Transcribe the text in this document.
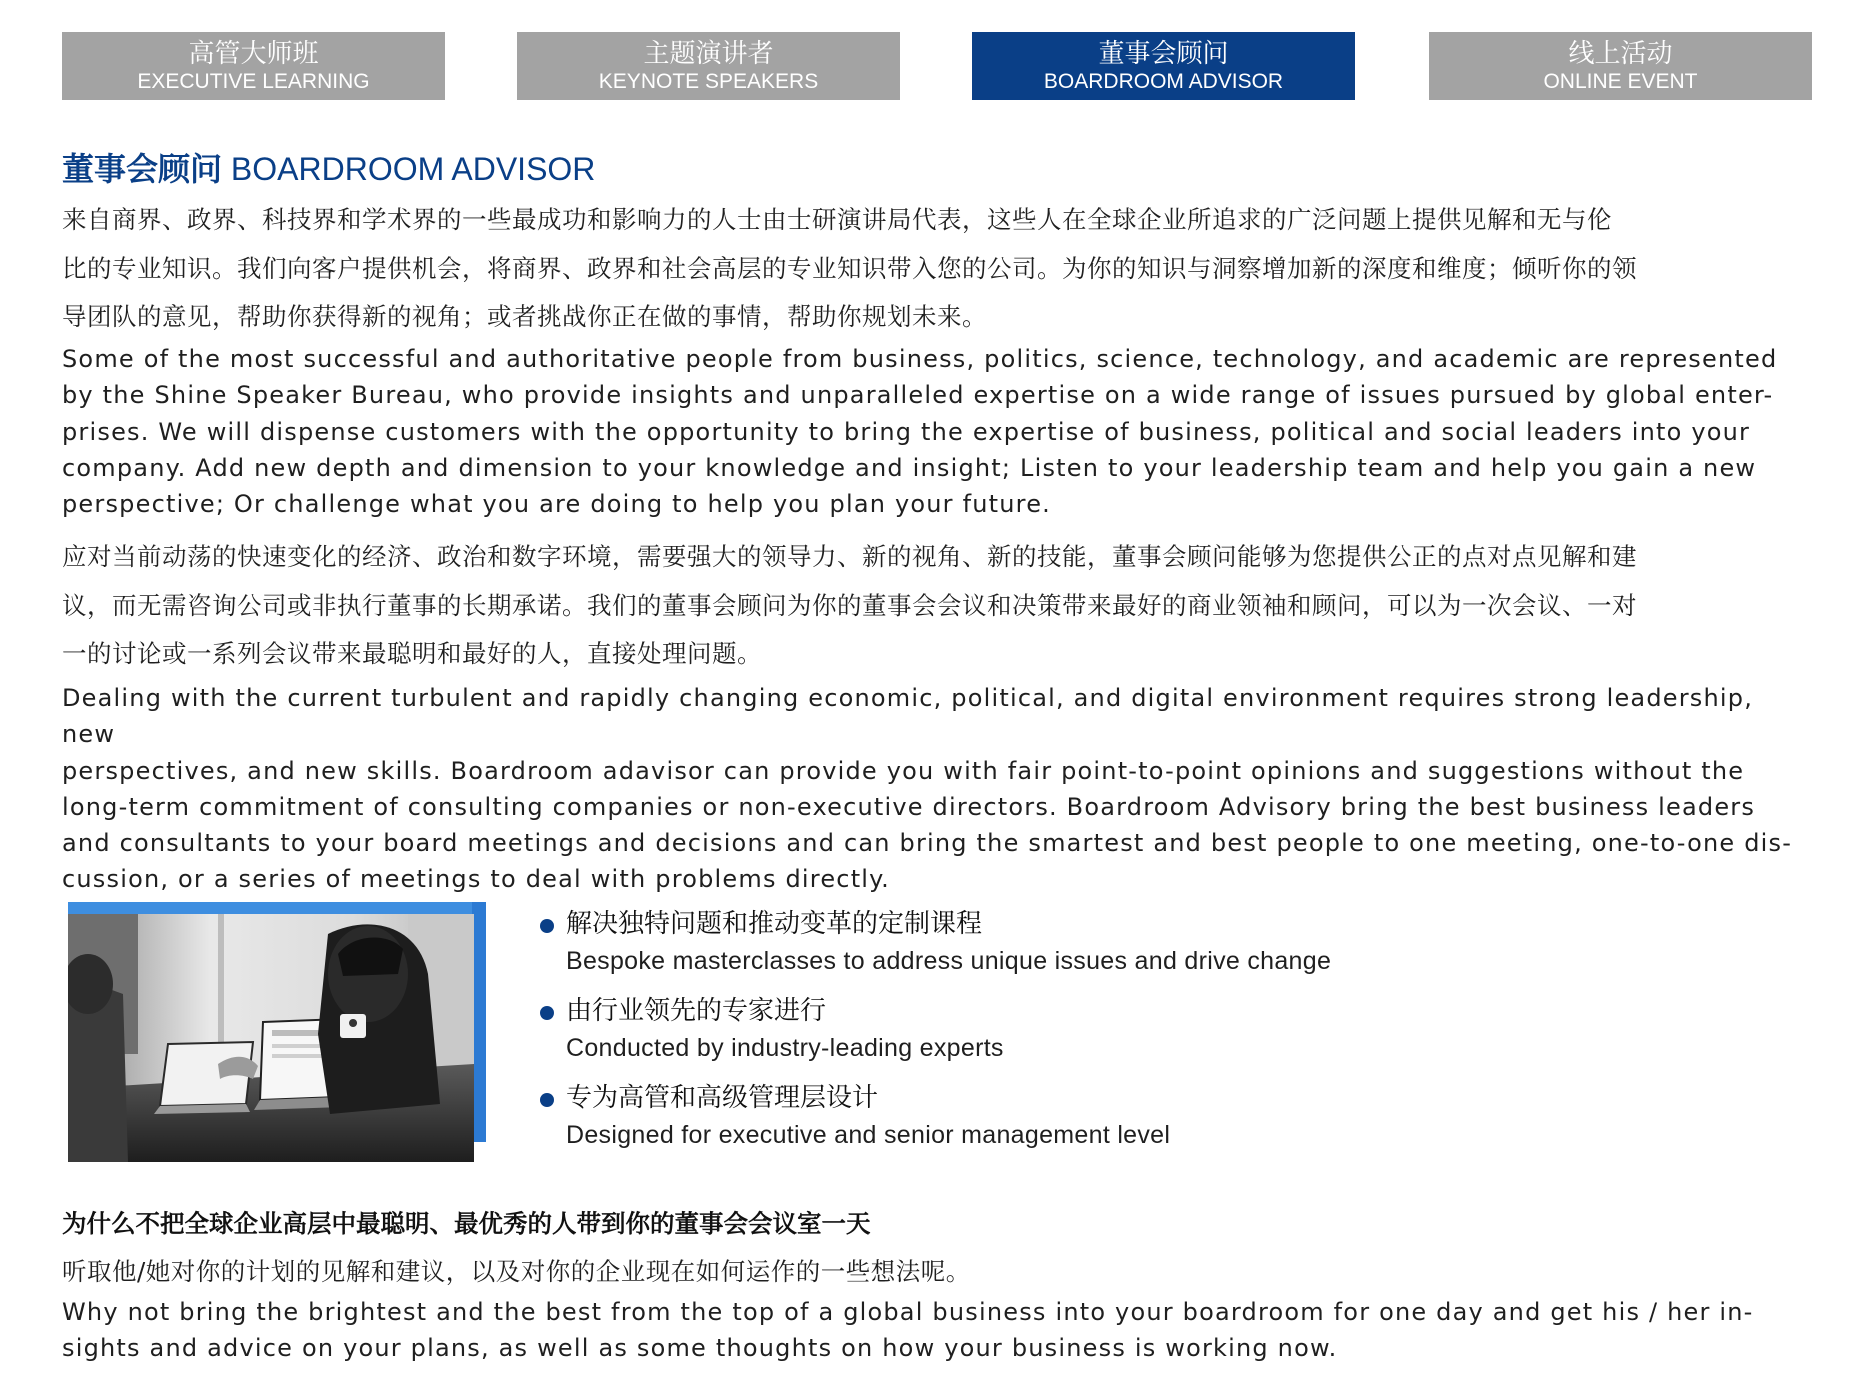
高管大师班
EXECUTIVE LEARNING
主题演讲者
KEYNOTE SPEAKERS
董事会顾问
BOARDROOM ADVISOR
线上活动
ONLINE EVENT
董事会顾问 BOARDROOM ADVISOR

来自商界、政界、科技界和学术界的一些最成功和影响力的人士由士研演讲局代表，这些人在全球企业所追求的广泛问题上提供见解和无与伦

比的专业知识。我们向客户提供机会，将商界、政界和社会高层的专业知识带入您的公司。为你的知识与洞察增加新的深度和维度；倾听你的领

导团队的意见，帮助你获得新的视角；或者挑战你正在做的事情，帮助你规划未来。

Some of the most successful and authoritative people from business, politics, science, technology, and academic are represented

by the Shine Speaker Bureau, who provide insights and unparalleled expertise on a wide range of issues pursued by global enter-

prises. We will dispense customers with the opportunity to bring the expertise of business, political and social leaders into your

company. Add new depth and dimension to your knowledge and insight; Listen to your leadership team and help you gain a new

perspective; Or challenge what you are doing to help you plan your future.

应对当前动荡的快速变化的经济、政治和数字环境，需要强大的领导力、新的视角、新的技能，董事会顾问能够为您提供公正的点对点见解和建

议，而无需咨询公司或非执行董事的长期承诺。我们的董事会顾问为你的董事会会议和决策带来最好的商业领袖和顾问，可以为一次会议、一对

一的讨论或一系列会议带来最聪明和最好的人，直接处理问题。

Dealing with the current turbulent and rapidly changing economic, political, and digital environment requires strong leadership, new

perspectives, and new skills. Boardroom adavisor can provide you with fair point-to-point opinions and suggestions without the

long-term commitment of consulting companies or non-executive directors. Boardroom Advisory bring the best business leaders

and consultants to your board meetings and decisions and can bring the smartest and best people to one meeting, one-to-one dis-

cussion, or a series of meetings to deal with problems directly.

解决独特问题和推动变革的定制课程
Bespoke masterclasses to address unique issues and drive change
由行业领先的专家进行
Conducted by industry-leading experts
专为高管和高级管理层设计
Designed for executive and senior management level
为什么不把全球企业高层中最聪明、最优秀的人带到你的董事会会议室一天

听取他/她对你的计划的见解和建议，以及对你的企业现在如何运作的一些想法呢。

Why not bring the brightest and the best from the top of a global business into your boardroom for one day and get his / her in-

sights and advice on your plans, as well as some thoughts on how your business is working now.
